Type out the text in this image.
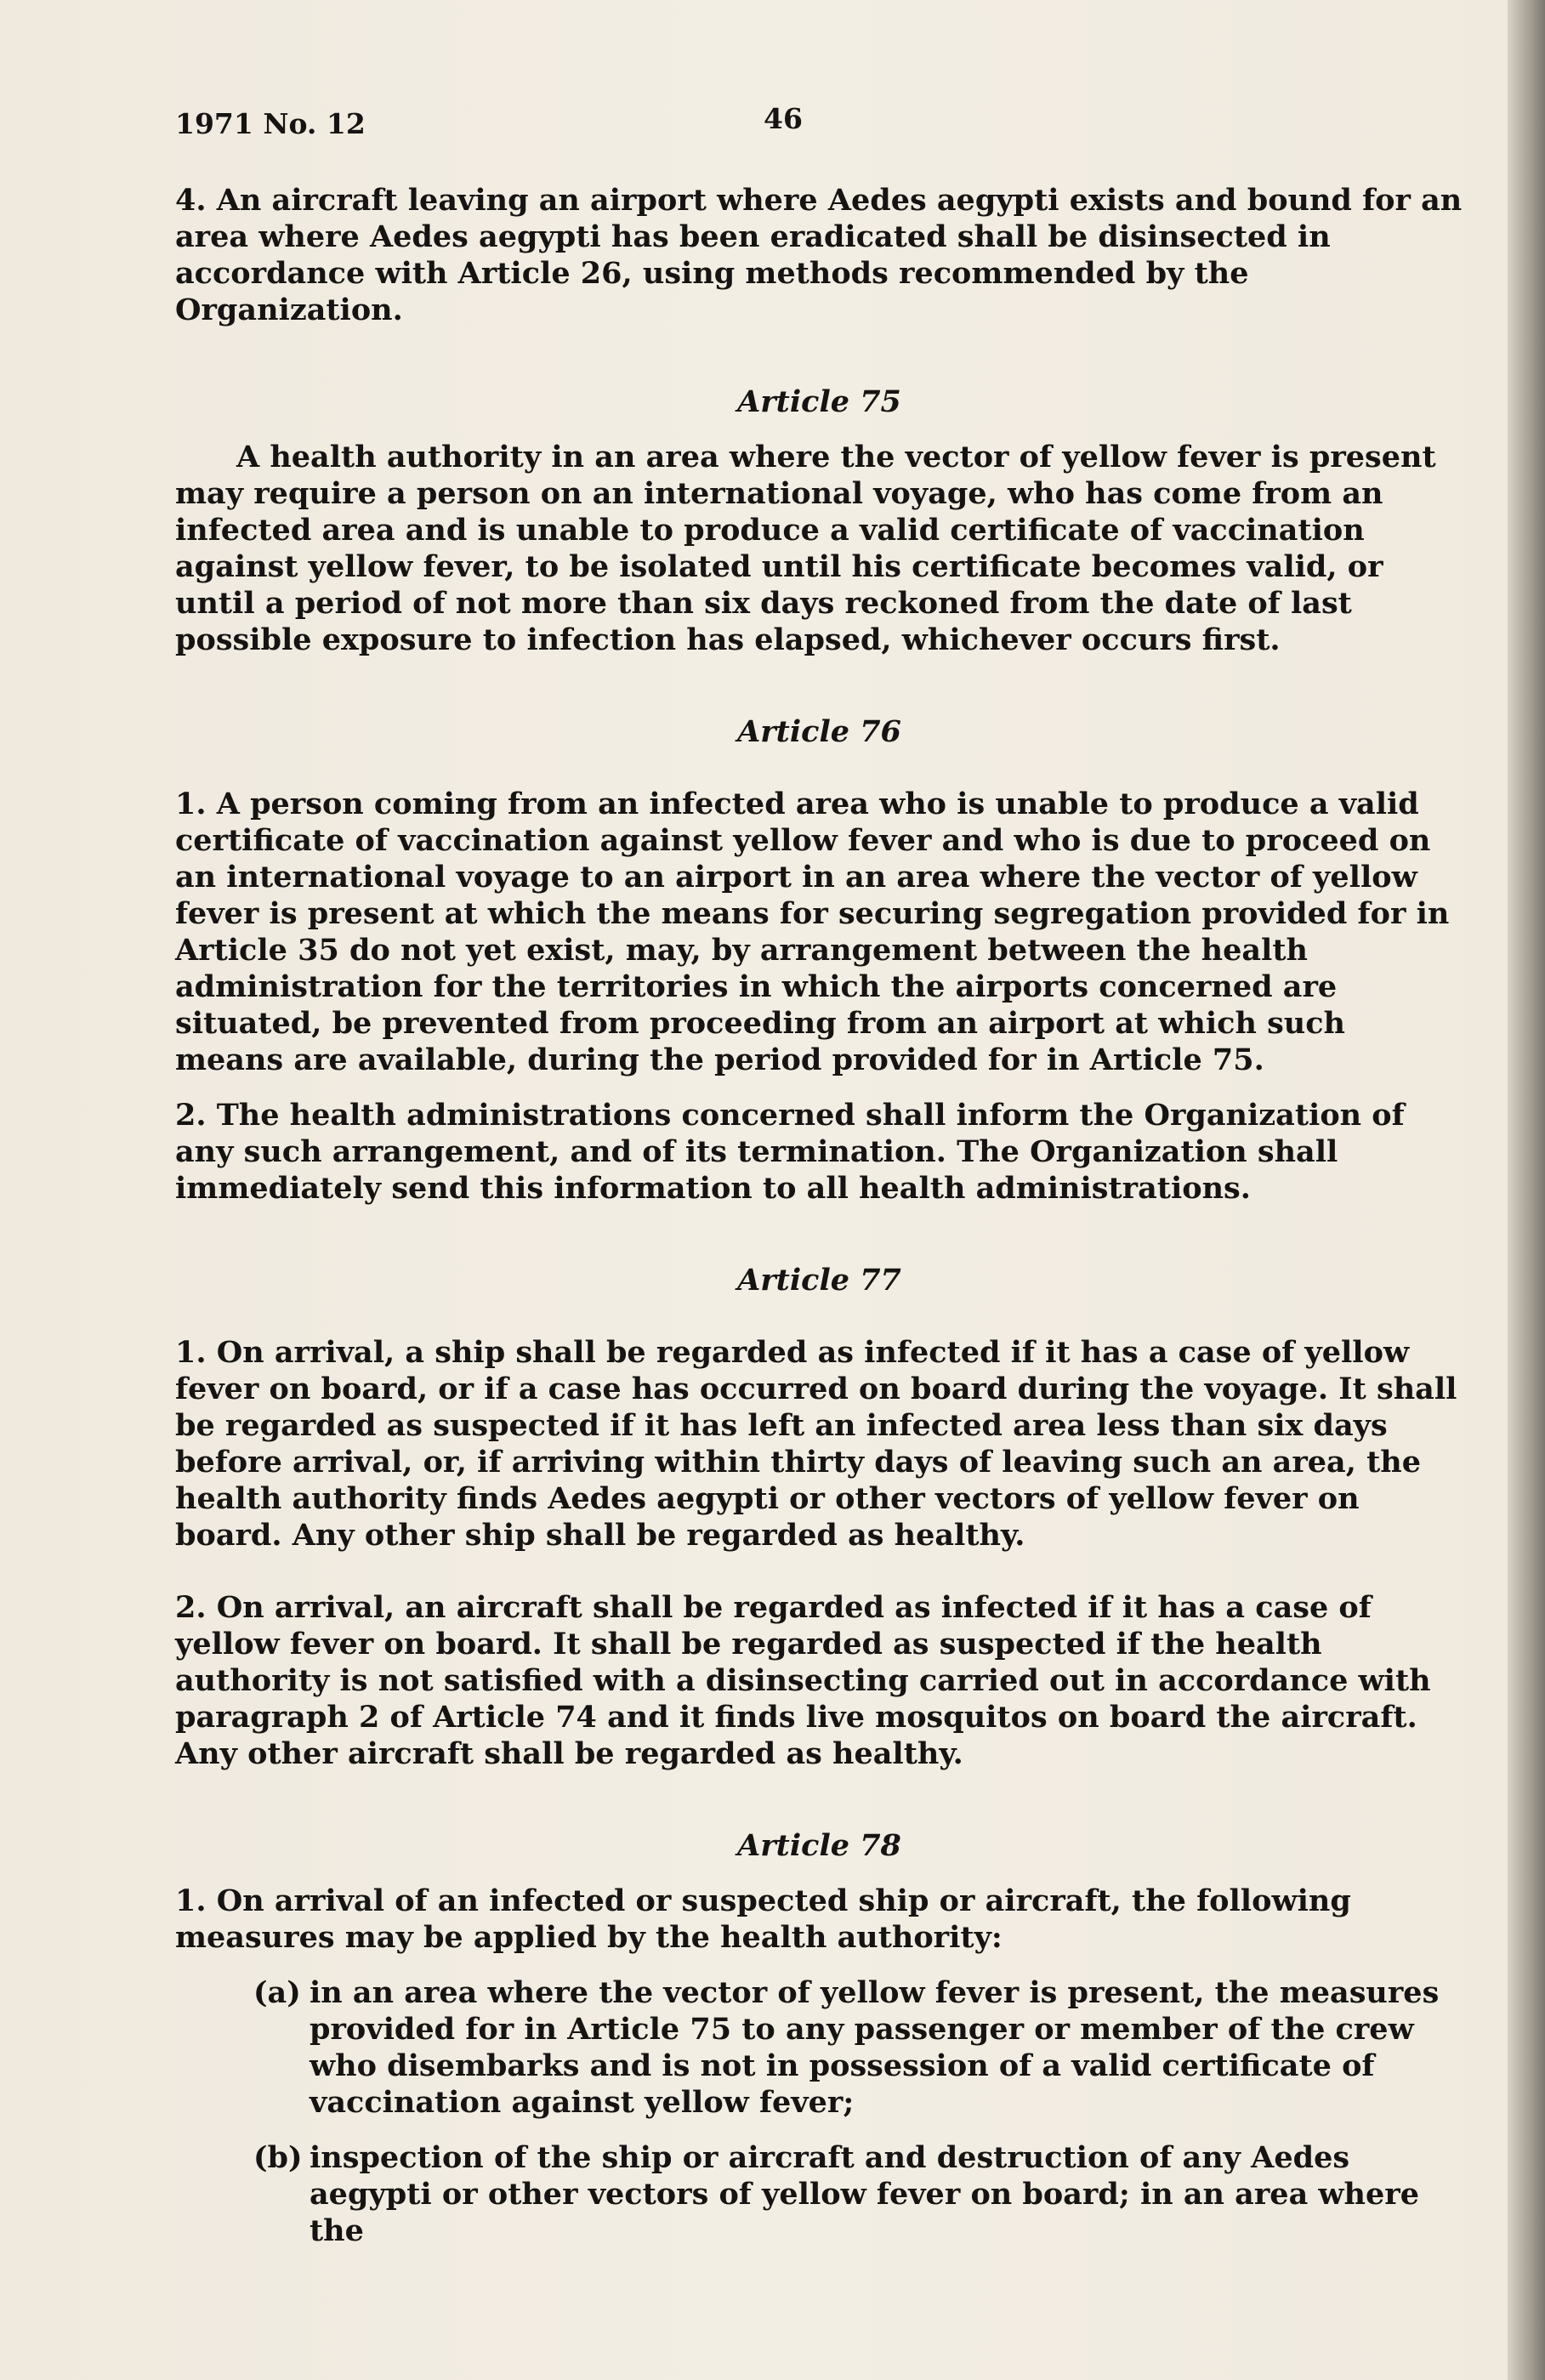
1971 No. 12	46

4. An aircraft leaving an airport where Aedes aegypti exists and bound for an area where Aedes aegypti has been eradicated shall be disinsected in accordance with Article 26, using methods recommended by the Organization.

Article 75

A health authority in an area where the vector of yellow fever is present may require a person on an international voyage, who has come from an infected area and is unable to produce a valid certificate of vaccination against yellow fever, to be isolated until his certificate becomes valid, or until a period of not more than six days reckoned from the date of last possible exposure to infection has elapsed, whichever occurs first.

Article 76

1. A person coming from an infected area who is unable to produce a valid certificate of vaccination against yellow fever and who is due to proceed on an international voyage to an airport in an area where the vector of yellow fever is present at which the means for securing segregation provided for in Article 35 do not yet exist, may, by arrangement between the health administration for the territories in which the airports concerned are situated, be prevented from proceeding from an airport at which such means are available, during the period provided for in Article 75.

2. The health administrations concerned shall inform the Organization of any such arrangement, and of its termination. The Organization shall immediately send this information to all health administrations.

Article 77

1. On arrival, a ship shall be regarded as infected if it has a case of yellow fever on board, or if a case has occurred on board during the voyage. It shall be regarded as suspected if it has left an infected area less than six days before arrival, or, if arriving within thirty days of leaving such an area, the health authority finds Aedes aegypti or other vectors of yellow fever on board. Any other ship shall be regarded as healthy.

2. On arrival, an aircraft shall be regarded as infected if it has a case of yellow fever on board. It shall be regarded as suspected if the health authority is not satisfied with a disinsecting carried out in accordance with paragraph 2 of Article 74 and it finds live mosquitos on board the aircraft. Any other aircraft shall be regarded as healthy.

Article 78

1. On arrival of an infected or suspected ship or aircraft, the following measures may be applied by the health authority:

(a) in an area where the vector of yellow fever is present, the measures provided for in Article 75 to any passenger or member of the crew who disembarks and is not in possession of a valid certificate of vaccination against yellow fever;
(b) inspection of the ship or aircraft and destruction of any Aedes aegypti or other vectors of yellow fever on board; in an area where the
